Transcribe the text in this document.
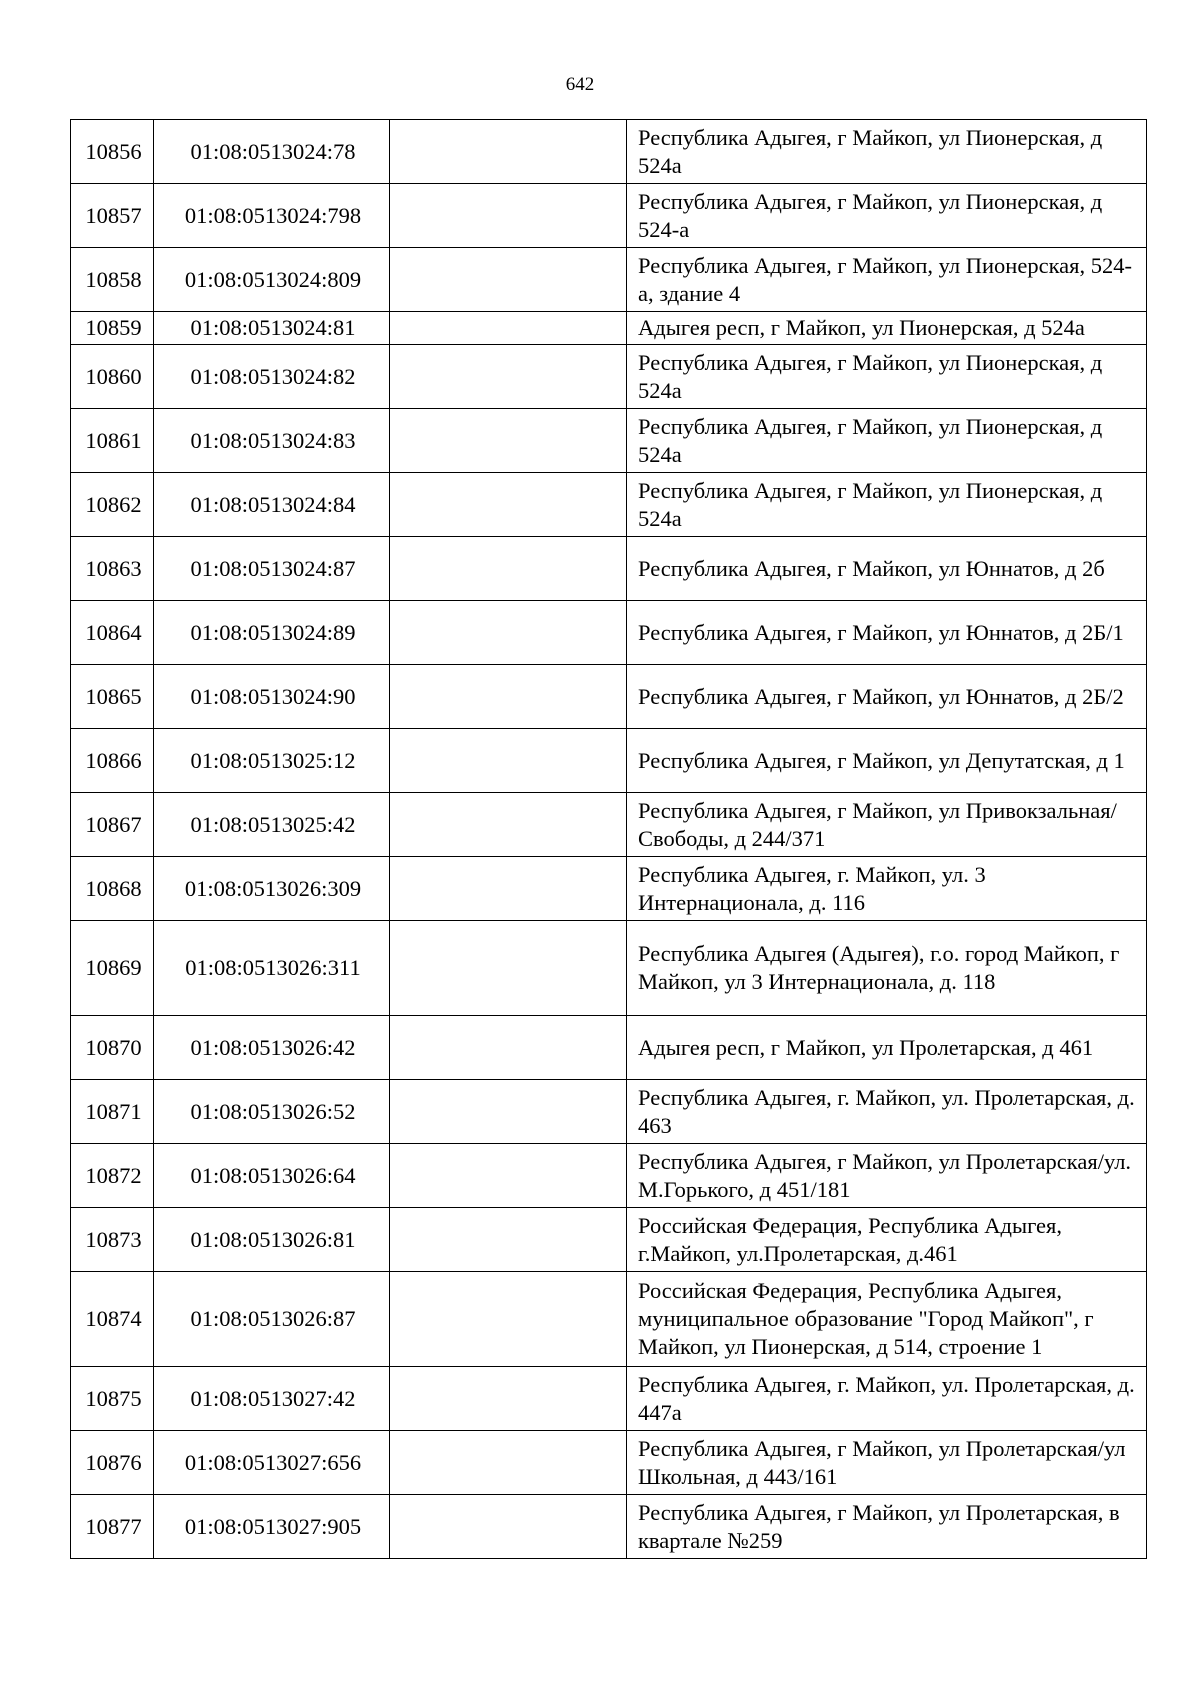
642
10856	01:08:0513024:78		Республика Адыгея, г Майкоп, ул Пионерская, д 524а
10857	01:08:0513024:798		Республика Адыгея, г Майкоп, ул Пионерская, д 524-а
10858	01:08:0513024:809		Республика Адыгея, г Майкоп, ул Пионерская, 524-а, здание 4
10859	01:08:0513024:81		Адыгея респ, г Майкоп, ул Пионерская, д 524а
10860	01:08:0513024:82		Республика Адыгея, г Майкоп, ул Пионерская, д 524а
10861	01:08:0513024:83		Республика Адыгея, г Майкоп, ул Пионерская, д 524а
10862	01:08:0513024:84		Республика Адыгея, г Майкоп, ул Пионерская, д 524а
10863	01:08:0513024:87		Республика Адыгея, г Майкоп, ул Юннатов, д 2б
10864	01:08:0513024:89		Республика Адыгея, г Майкоп, ул Юннатов, д 2Б/1
10865	01:08:0513024:90		Республика Адыгея, г Майкоп, ул Юннатов, д 2Б/2
10866	01:08:0513025:12		Республика Адыгея, г Майкоп, ул Депутатская, д 1
10867	01:08:0513025:42		Республика Адыгея, г Майкоп, ул Привокзальная/Свободы, д 244/371
10868	01:08:0513026:309		Республика Адыгея, г. Майкоп, ул. 3 Интернационала, д. 116
10869	01:08:0513026:311		Республика Адыгея (Адыгея), г.о. город Майкоп, г Майкоп, ул 3 Интернационала, д. 118
10870	01:08:0513026:42		Адыгея респ, г Майкоп, ул Пролетарская, д 461
10871	01:08:0513026:52		Республика Адыгея, г. Майкоп, ул. Пролетарская, д. 463
10872	01:08:0513026:64		Республика Адыгея, г Майкоп, ул Пролетарская/ул. М.Горького, д 451/181
10873	01:08:0513026:81		Российская Федерация, Республика Адыгея, г.Майкоп, ул.Пролетарская, д.461
10874	01:08:0513026:87		Российская Федерация, Республика Адыгея, муниципальное образование "Город Майкоп", г Майкоп, ул Пионерская, д 514, строение 1
10875	01:08:0513027:42		Республика Адыгея, г. Майкоп, ул. Пролетарская, д. 447а
10876	01:08:0513027:656		Республика Адыгея, г Майкоп, ул Пролетарская/ул Школьная, д 443/161
10877	01:08:0513027:905		Республика Адыгея, г Майкоп, ул Пролетарская, в квартале №259
